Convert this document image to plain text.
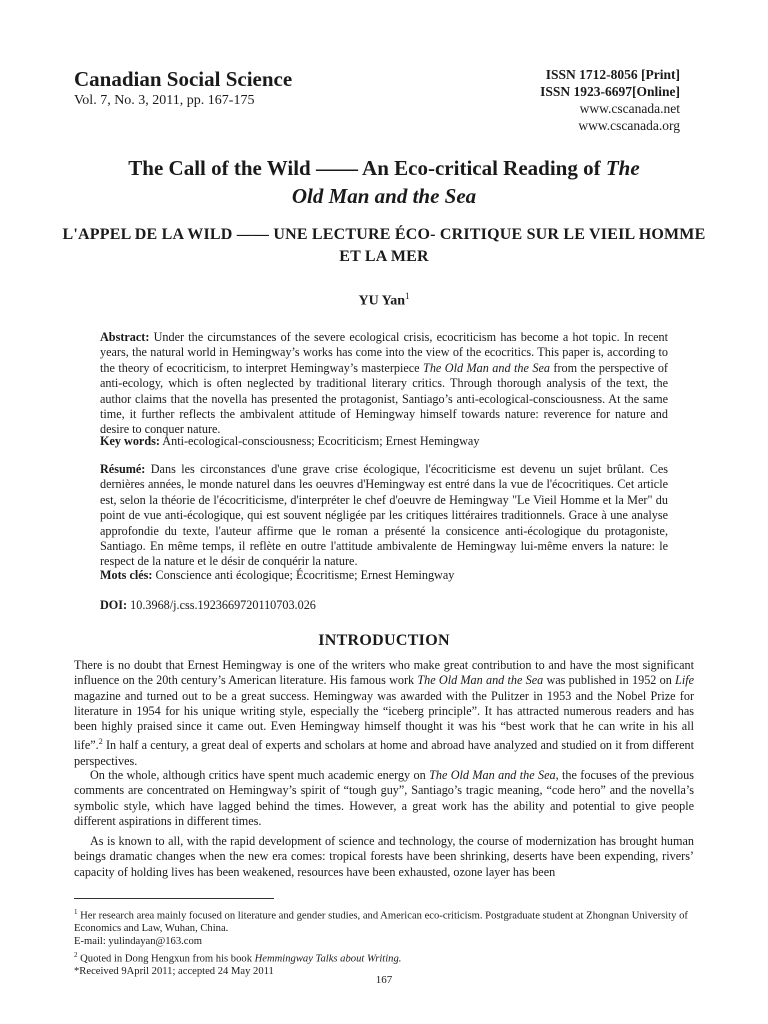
Canadian Social Science
Vol. 7, No. 3, 2011, pp. 167-175
ISSN 1712-8056 [Print]
ISSN 1923-6697[Online]
www.cscanada.net
www.cscanada.org
The Call of the Wild —— An Eco-critical Reading of The
Old Man and the Sea
L'APPEL DE LA WILD —— UNE LECTURE ÉCO- CRITIQUE SUR LE VIEIL HOMME ET LA MER
YU Yan$^1$
Abstract: Under the circumstances of the severe ecological crisis, ecocriticism has become a hot topic. In recent years, the natural world in Hemingway’s works has come into the view of the ecocritics. This paper is, according to the theory of ecocriticism, to interpret Hemingway’s masterpiece The Old Man and the Sea from the perspective of anti-ecology, which is often neglected by traditional literary critics. Through thorough analysis of the text, the author claims that the novella has presented the protagonist, Santiago’s anti-ecological-consciousness. At the same time, it further reflects the ambivalent attitude of Hemingway himself towards nature: reverence for nature and desire to conquer nature.
Key words: Anti-ecological-consciousness; Ecocriticism; Ernest Hemingway
Résumé: Dans les circonstances d'une grave crise écologique, l'écocriticisme est devenu un sujet brûlant. Ces dernières années, le monde naturel dans les oeuvres d'Hemingway est entré dans la vue de l'écocritiques. Cet article est, selon la théorie de l'écocriticisme, d'interpréter le chef d'oeuvre de Hemingway "Le Vieil Homme et la Mer" du point de vue anti-écologique, qui est souvent négligée par les critiques littéraires traditionnels. Grace à une analyse approfondie du texte, l'auteur affirme que le roman a présenté la consicence anti-écologique du protagoniste, Santiago. En même temps, il reflète en outre l'attitude ambivalente de Hemingway lui-même envers la nature: le respect de la nature et le désir de conquérir la nature.
Mots clés: Conscience anti écologique; Écocritisme; Ernest Hemingway
DOI: 10.3968/j.css.1923669720110703.026
INTRODUCTION
There is no doubt that Ernest Hemingway is one of the writers who make great contribution to and have the most significant influence on the 20th century’s American literature. His famous work The Old Man and the Sea was published in 1952 on Life magazine and turned out to be a great success. Hemingway was awarded with the Pulitzer in 1953 and the Nobel Prize for literature in 1954 for his unique writing style, especially the “iceberg principle”. It has attracted numerous readers and has been highly praised since it came out. Even Hemingway himself thought it was his “best work that he can write in his all life”.$^2$ In half a century, a great deal of experts and scholars at home and abroad have analyzed and studied on it from different perspectives.
On the whole, although critics have spent much academic energy on The Old Man and the Sea, the focuses of the previous comments are concentrated on Hemingway’s spirit of “tough guy”, Santiago’s tragic meaning, “code hero” and the novella’s symbolic style, which have lagged behind the times. However, a great work has the ability and potential to give people different aspirations in different times.
As is known to all, with the rapid development of science and technology, the course of modernization has brought human beings dramatic changes when the new era comes: tropical forests have been shrinking, deserts have been expending, rivers’ capacity of holding lives has been weakened, resources have been exhausted, ozone layer has been
$^1$ Her research area mainly focused on literature and gender studies, and American eco-criticism. Postgraduate student at Zhongnan University of Economics and Law, Wuhan, China.
E-mail: yulindayan@163.com
$^2$ Quoted in Dong Hengxun from his book Hemmingway Talks about Writing.
*Received 9April 2011; accepted 24 May 2011
167
